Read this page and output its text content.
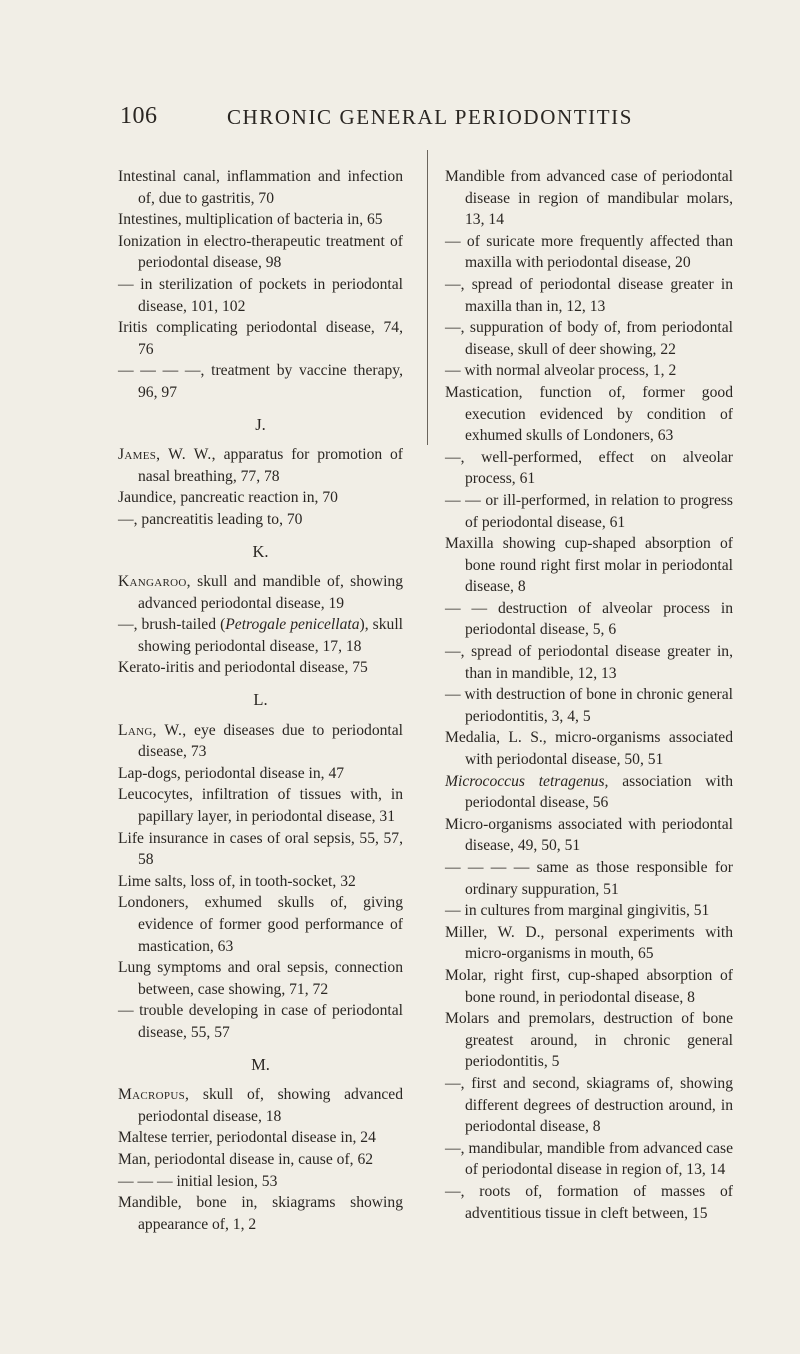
106	CHRONIC GENERAL PERIODONTITIS

Intestinal canal, inflammation and infection of, due to gastritis, 70

Intestines, multiplication of bacteria in, 65

Ionization in electro-therapeutic treatment of periodontal disease, 98

— in sterilization of pockets in periodontal disease, 101, 102

Iritis complicating periodontal disease, 74, 76

— — — —, treatment by vaccine therapy, 96, 97

J.

James, W. W., apparatus for promotion of nasal breathing, 77, 78

Jaundice, pancreatic reaction in, 70

—, pancreatitis leading to, 70

K.

Kangaroo, skull and mandible of, showing advanced periodontal disease, 19

—, brush-tailed (Petrogale penicellata), skull showing periodontal disease, 17, 18

Kerato-iritis and periodontal disease, 75

L.

Lang, W., eye diseases due to periodontal disease, 73

Lap-dogs, periodontal disease in, 47

Leucocytes, infiltration of tissues with, in papillary layer, in periodontal disease, 31

Life insurance in cases of oral sepsis, 55, 57, 58

Lime salts, loss of, in tooth-socket, 32

Londoners, exhumed skulls of, giving evidence of former good performance of mastication, 63

Lung symptoms and oral sepsis, connection between, case showing, 71, 72

— trouble developing in case of periodontal disease, 55, 57

M.

Macropus, skull of, showing advanced periodontal disease, 18

Maltese terrier, periodontal disease in, 24

Man, periodontal disease in, cause of, 62

— — — initial lesion, 53

Mandible, bone in, skiagrams showing appearance of, 1, 2

Mandible from advanced case of periodontal disease in region of mandibular molars, 13, 14

— of suricate more frequently affected than maxilla with periodontal disease, 20

—, spread of periodontal disease greater in maxilla than in, 12, 13

—, suppuration of body of, from periodontal disease, skull of deer showing, 22

— with normal alveolar process, 1, 2

Mastication, function of, former good execution evidenced by condition of exhumed skulls of Londoners, 63

—, well-performed, effect on alveolar process, 61

— — or ill-performed, in relation to progress of periodontal disease, 61

Maxilla showing cup-shaped absorption of bone round right first molar in periodontal disease, 8

— — destruction of alveolar process in periodontal disease, 5, 6

—, spread of periodontal disease greater in, than in mandible, 12, 13

— with destruction of bone in chronic general periodontitis, 3, 4, 5

Medalia, L. S., micro-organisms associated with periodontal disease, 50, 51

Micrococcus tetragenus, association with periodontal disease, 56

Micro-organisms associated with periodontal disease, 49, 50, 51

— — — — same as those responsible for ordinary suppuration, 51

— in cultures from marginal gingivitis, 51

Miller, W. D., personal experiments with micro-organisms in mouth, 65

Molar, right first, cup-shaped absorption of bone round, in periodontal disease, 8

Molars and premolars, destruction of bone greatest around, in chronic general periodontitis, 5

—, first and second, skiagrams of, showing different degrees of destruction around, in periodontal disease, 8

—, mandibular, mandible from advanced case of periodontal disease in region of, 13, 14

—, roots of, formation of masses of adventitious tissue in cleft between, 15
